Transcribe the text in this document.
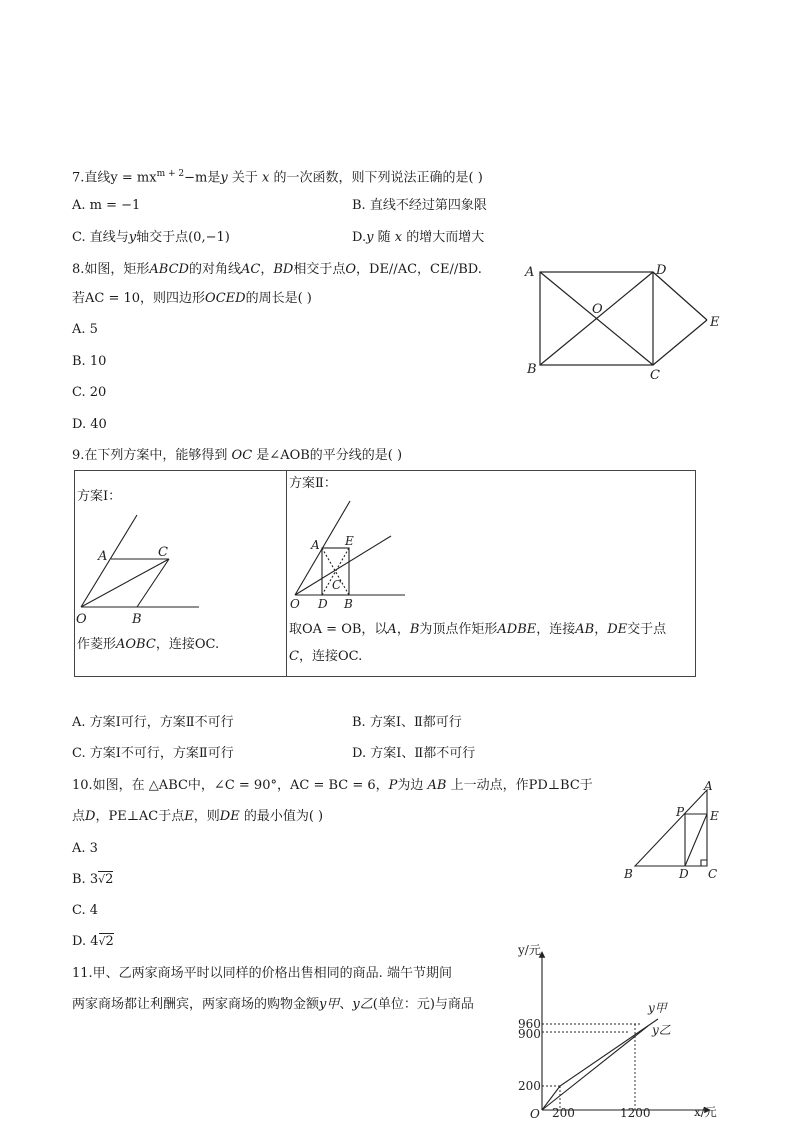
7.直线$y = mx^{m + 2}-m$是y 关于 x 的一次函数，则下列说法正确的是( )
A. m = −1	B. 直线不经过第四象限
C. 直线与y轴交于点(0,−1)	D.y 随 x 的增大而增大
8.如图，矩形ABCD的对角线AC，BD相交于点O，DE//AC，CE//BD.
若AC = 10，则四边形OCED的周长是( )
A. 5
B. 10
C. 20
D. 40
A	D
O
E
B	C
9.在下列方案中，能够得到 OC 是∠AOB的平分线的是( )
方案Ⅰ：
A	C
O	B
作菱形AOBC，连接OC.
方案Ⅱ：
A E
C
O D B
取OA = OB，以A，B为顶点作矩形ADBE，连接AB，DE交于点
C，连接OC.
A. 方案Ⅰ可行，方案Ⅱ不可行	B. 方案Ⅰ、Ⅱ都可行
C. 方案Ⅰ不可行，方案Ⅱ可行	D. 方案Ⅰ、Ⅱ都不可行
10.如图，在 △ABC中，∠C = 90°，AC = BC = 6，P为边 AB 上一动点，作PD⊥BC于
点D，PE⊥AC于点E，则DE 的最小值为( )
A. 3
B. 3√2
C. 4
D. 4√2
A
P E
B	D C
11.甲、乙两家商场平时以同样的价格出售相同的商品. 端午节期间
两家商场都让利酬宾，两家商场的购物金额y甲、y乙(单位：元)与商品
y/元
x/元
O
960
900
200
200	1200
y甲
y乙
